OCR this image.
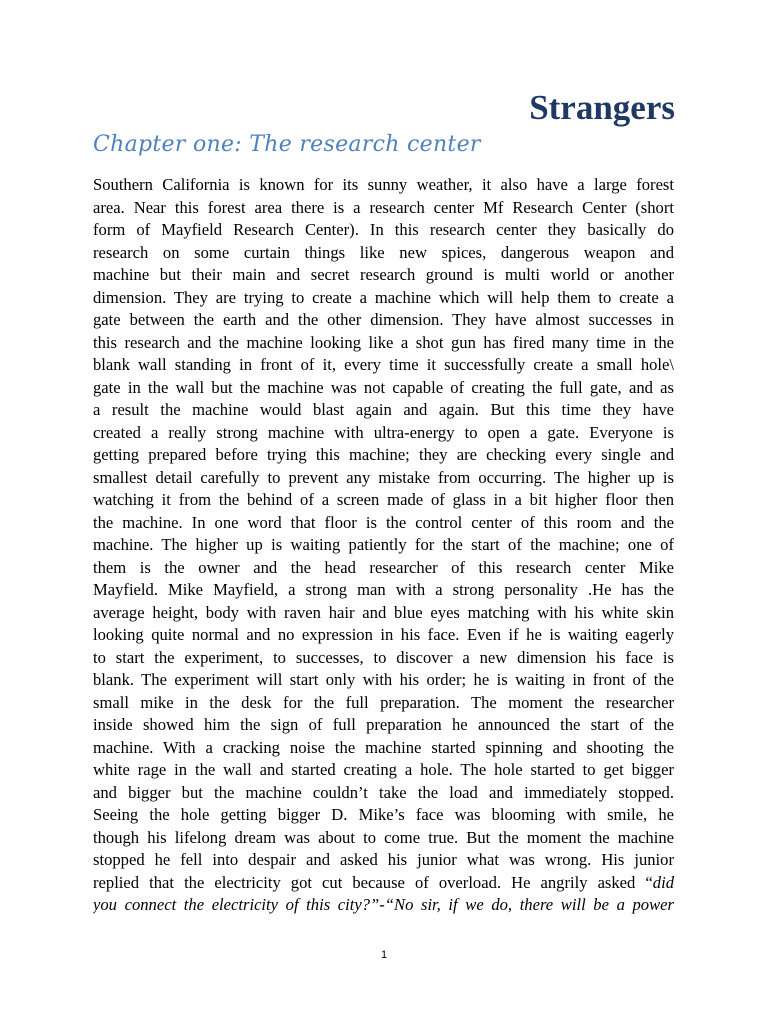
Strangers
Chapter one: The research center
Southern California is known for its sunny weather, it also have a large forest
area. Near this forest area there is a research center Mf Research Center (short
form of Mayfield Research Center). In this research center they basically do
research on some curtain things like new spices, dangerous weapon and
machine but their main and secret research ground is multi world or another
dimension. They are trying to create a machine which will help them to create a
gate between the earth and the other dimension. They have almost successes in
this research and the machine looking like a shot gun has fired many time in the
blank wall standing in front of it, every time it successfully create a small hole\
gate in the wall but the machine was not capable of creating the full gate, and as
a result the machine would blast again and again. But this time they have
created a really strong machine with ultra-energy to open a gate. Everyone is
getting prepared before trying this machine; they are checking every single and
smallest detail carefully to prevent any mistake from occurring. The higher up is
watching it from the behind of a screen made of glass in a bit higher floor then
the machine. In one word that floor is the control center of this room and the
machine. The higher up is waiting patiently for the start of the machine; one of
them is the owner and the head researcher of this research center Mike
Mayfield. Mike Mayfield, a strong man with a strong personality .He has the
average height, body with raven hair and blue eyes matching with his white skin
looking quite normal and no expression in his face. Even if he is waiting eagerly
to start the experiment, to successes, to discover a new dimension his face is
blank. The experiment will start only with his order; he is waiting in front of the
small mike in the desk for the full preparation. The moment the researcher
inside showed him the sign of full preparation he announced the start of the
machine. With a cracking noise the machine started spinning and shooting the
white rage in the wall and started creating a hole. The hole started to get bigger
and bigger but the machine couldn’t take the load and immediately stopped.
Seeing the hole getting bigger D. Mike’s face was blooming with smile, he
though his lifelong dream was about to come true. But the moment the machine
stopped he fell into despair and asked his junior what was wrong. His junior
replied that the electricity got cut because of overload. He angrily asked “did
you connect the electricity of this city?”-“No sir, if we do, there will be a power
1
